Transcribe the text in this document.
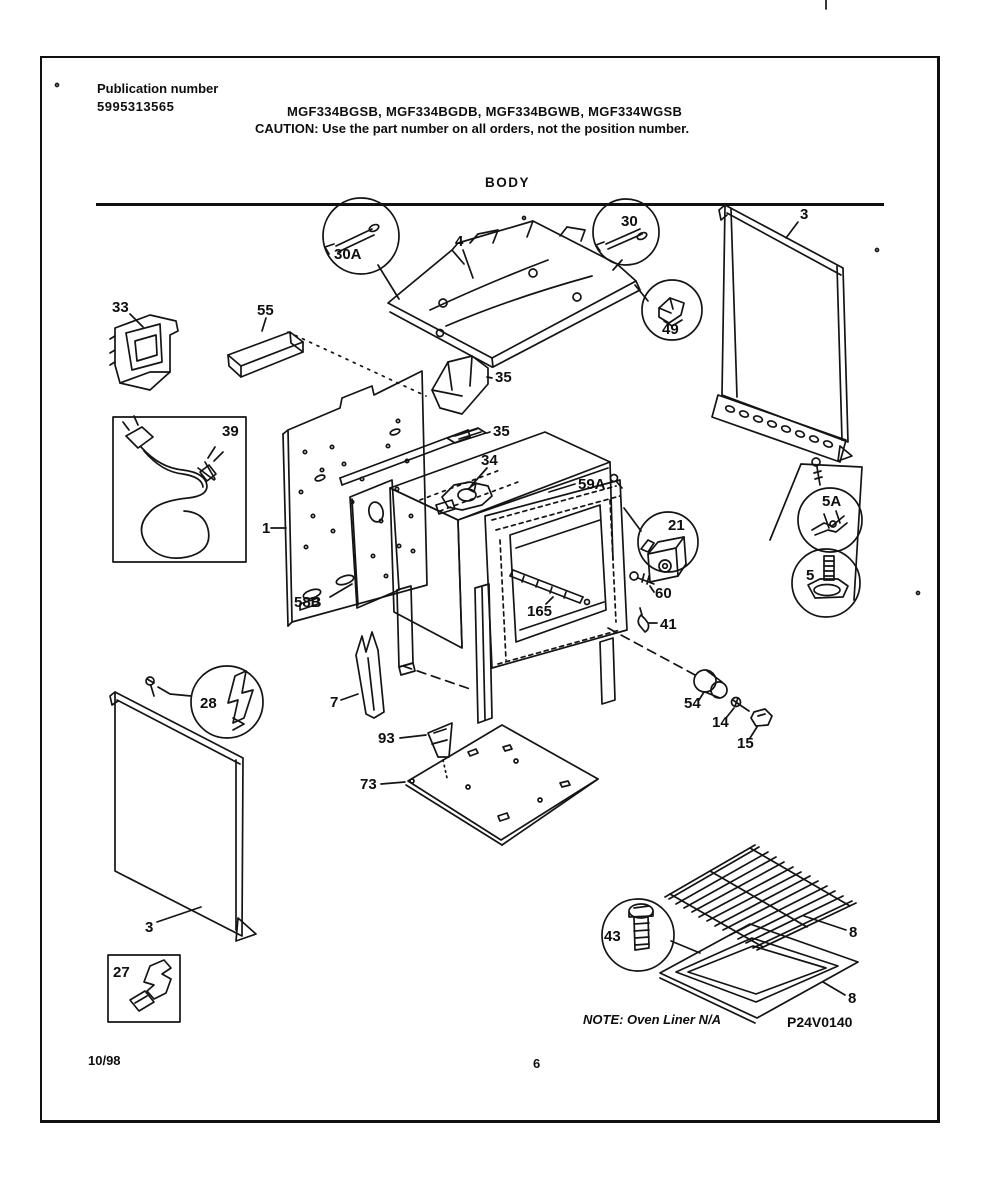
Publication number
5995313565	MGF334BGSB, MGF334BGDB, MGF334BGWB, MGF334WGSB
CAUTION: Use the part number on all orders, not the position number.
BODY
10/98	6
NOTE: Oven Liner N/A	P24V0140
4
30A
30
49
3
5A
5
33	55
39
1
165
59A
58B
35
35
34
21
60
41
54
14
15
7
93
73
3
28
27
8
8
43
